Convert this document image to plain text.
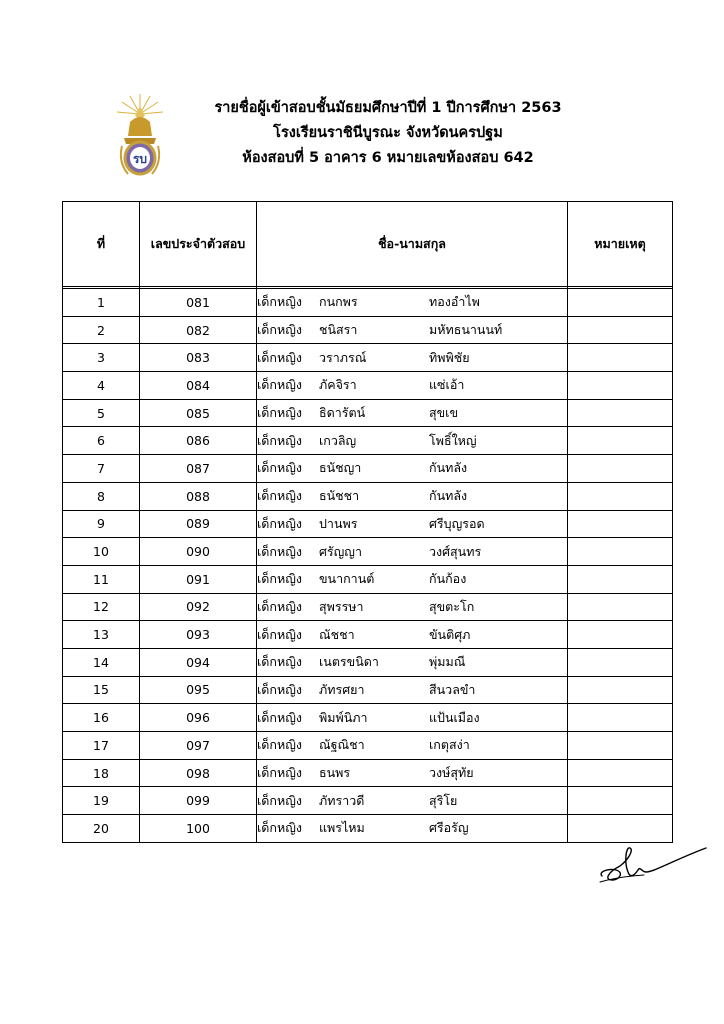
รบ
รายชื่อผู้เข้าสอบชั้นมัธยมศึกษาปีที่ 1 ปีการศึกษา 2563
โรงเรียนราชินีบูรณะ จังหวัดนครปฐม
ห้องสอบที่ 5 อาคาร 6 หมายเลขห้องสอบ 642
ที่	เลขประจำตัวสอบ	ชื่อ-นามสกุล	หมายเหตุ

1	081	เด็กหญิง กนกพร ทองอำไพ	
2	082	เด็กหญิง ชนิสรา มหัทธนานนท์	
3	083	เด็กหญิง วราภรณ์ ทิพพิชัย	
4	084	เด็กหญิง ภัคจิรา แซ่เอ้า	
5	085	เด็กหญิง ธิดารัตน์ สุขเข	
6	086	เด็กหญิง เกวลิญ โพธิ์ใหญ่	
7	087	เด็กหญิง ธนัชญา กันทลัง	
8	088	เด็กหญิง ธนัชชา กันทลัง	
9	089	เด็กหญิง ปานพร ศรีบุญรอด	
10	090	เด็กหญิง ศรัญญา วงศ์สุนทร	
11	091	เด็กหญิง ขนากานต์ กันก้อง	
12	092	เด็กหญิง สุพรรษา สุขตะโก	
13	093	เด็กหญิง ณัชชา ขันติศุภ	
14	094	เด็กหญิง เนตรขนิดา พุ่มมณี	
15	095	เด็กหญิง ภัทรศยา สีนวลขำ	
16	096	เด็กหญิง พิมพ์นิภา แป้นเมือง	
17	097	เด็กหญิง ณัฐณิชา เกตุสง่า	
18	098	เด็กหญิง ธนพร วงษ์สุทัย	
19	099	เด็กหญิง ภัทราวดี สุริโย	
20	100	เด็กหญิง แพรไหม ศรีอรัญ	
